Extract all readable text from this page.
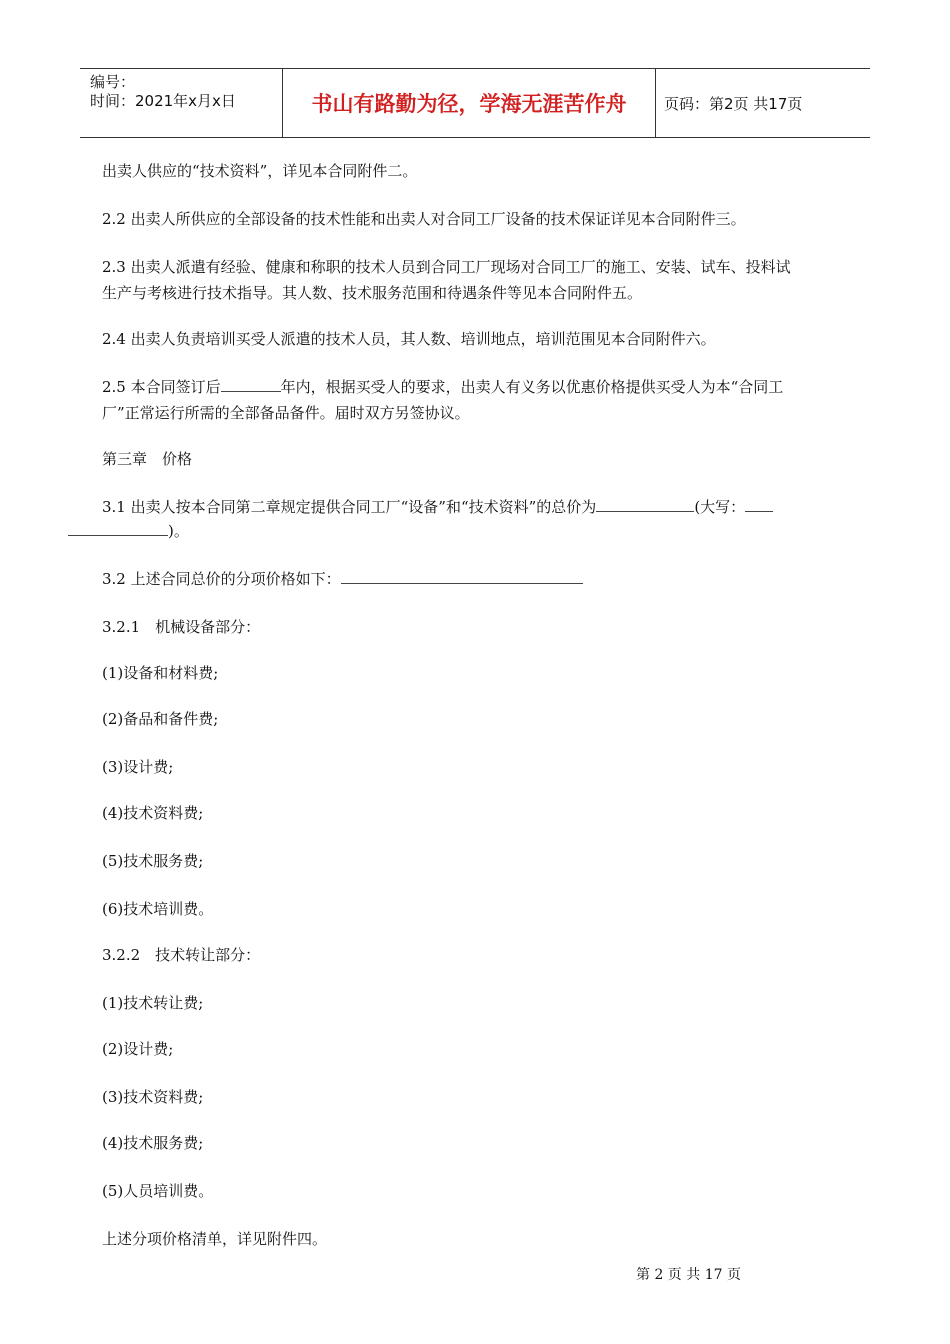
编号：
时间：2021年x月x日	书山有路勤为径，学海无涯苦作舟	页码：第2页 共17页
出卖人供应的“技术资料”，详见本合同附件二。
2.2 出卖人所供应的全部设备的技术性能和出卖人对合同工厂设备的技术保证详见本合同附件三。
2.3 出卖人派遣有经验、健康和称职的技术人员到合同工厂现场对合同工厂的施工、安装、试车、投料试
生产与考核进行技术指导。其人数、技术服务范围和待遇条件等见本合同附件五。
2.4 出卖人负责培训买受人派遣的技术人员，其人数、培训地点，培训范围见本合同附件六。
2.5 本合同签订后	年内，根据买受人的要求，出卖人有义务以优惠价格提供买受人为本“合同工
厂”正常运行所需的全部备品备件。届时双方另签协议。
第三章　价格
3.1 出卖人按本合同第二章规定提供合同工厂“设备”和“技术资料”的总价为	(大写：
)。
3.2 上述合同总价的分项价格如下：
3.2.1　机械设备部分：
(1)设备和材料费;
(2)备品和备件费;
(3)设计费;
(4)技术资料费;
(5)技术服务费;
(6)技术培训费。
3.2.2　技术转让部分：
(1)技术转让费;
(2)设计费;
(3)技术资料费;
(4)技术服务费;
(5)人员培训费。
上述分项价格清单，详见附件四。
第 2 页 共 17 页
